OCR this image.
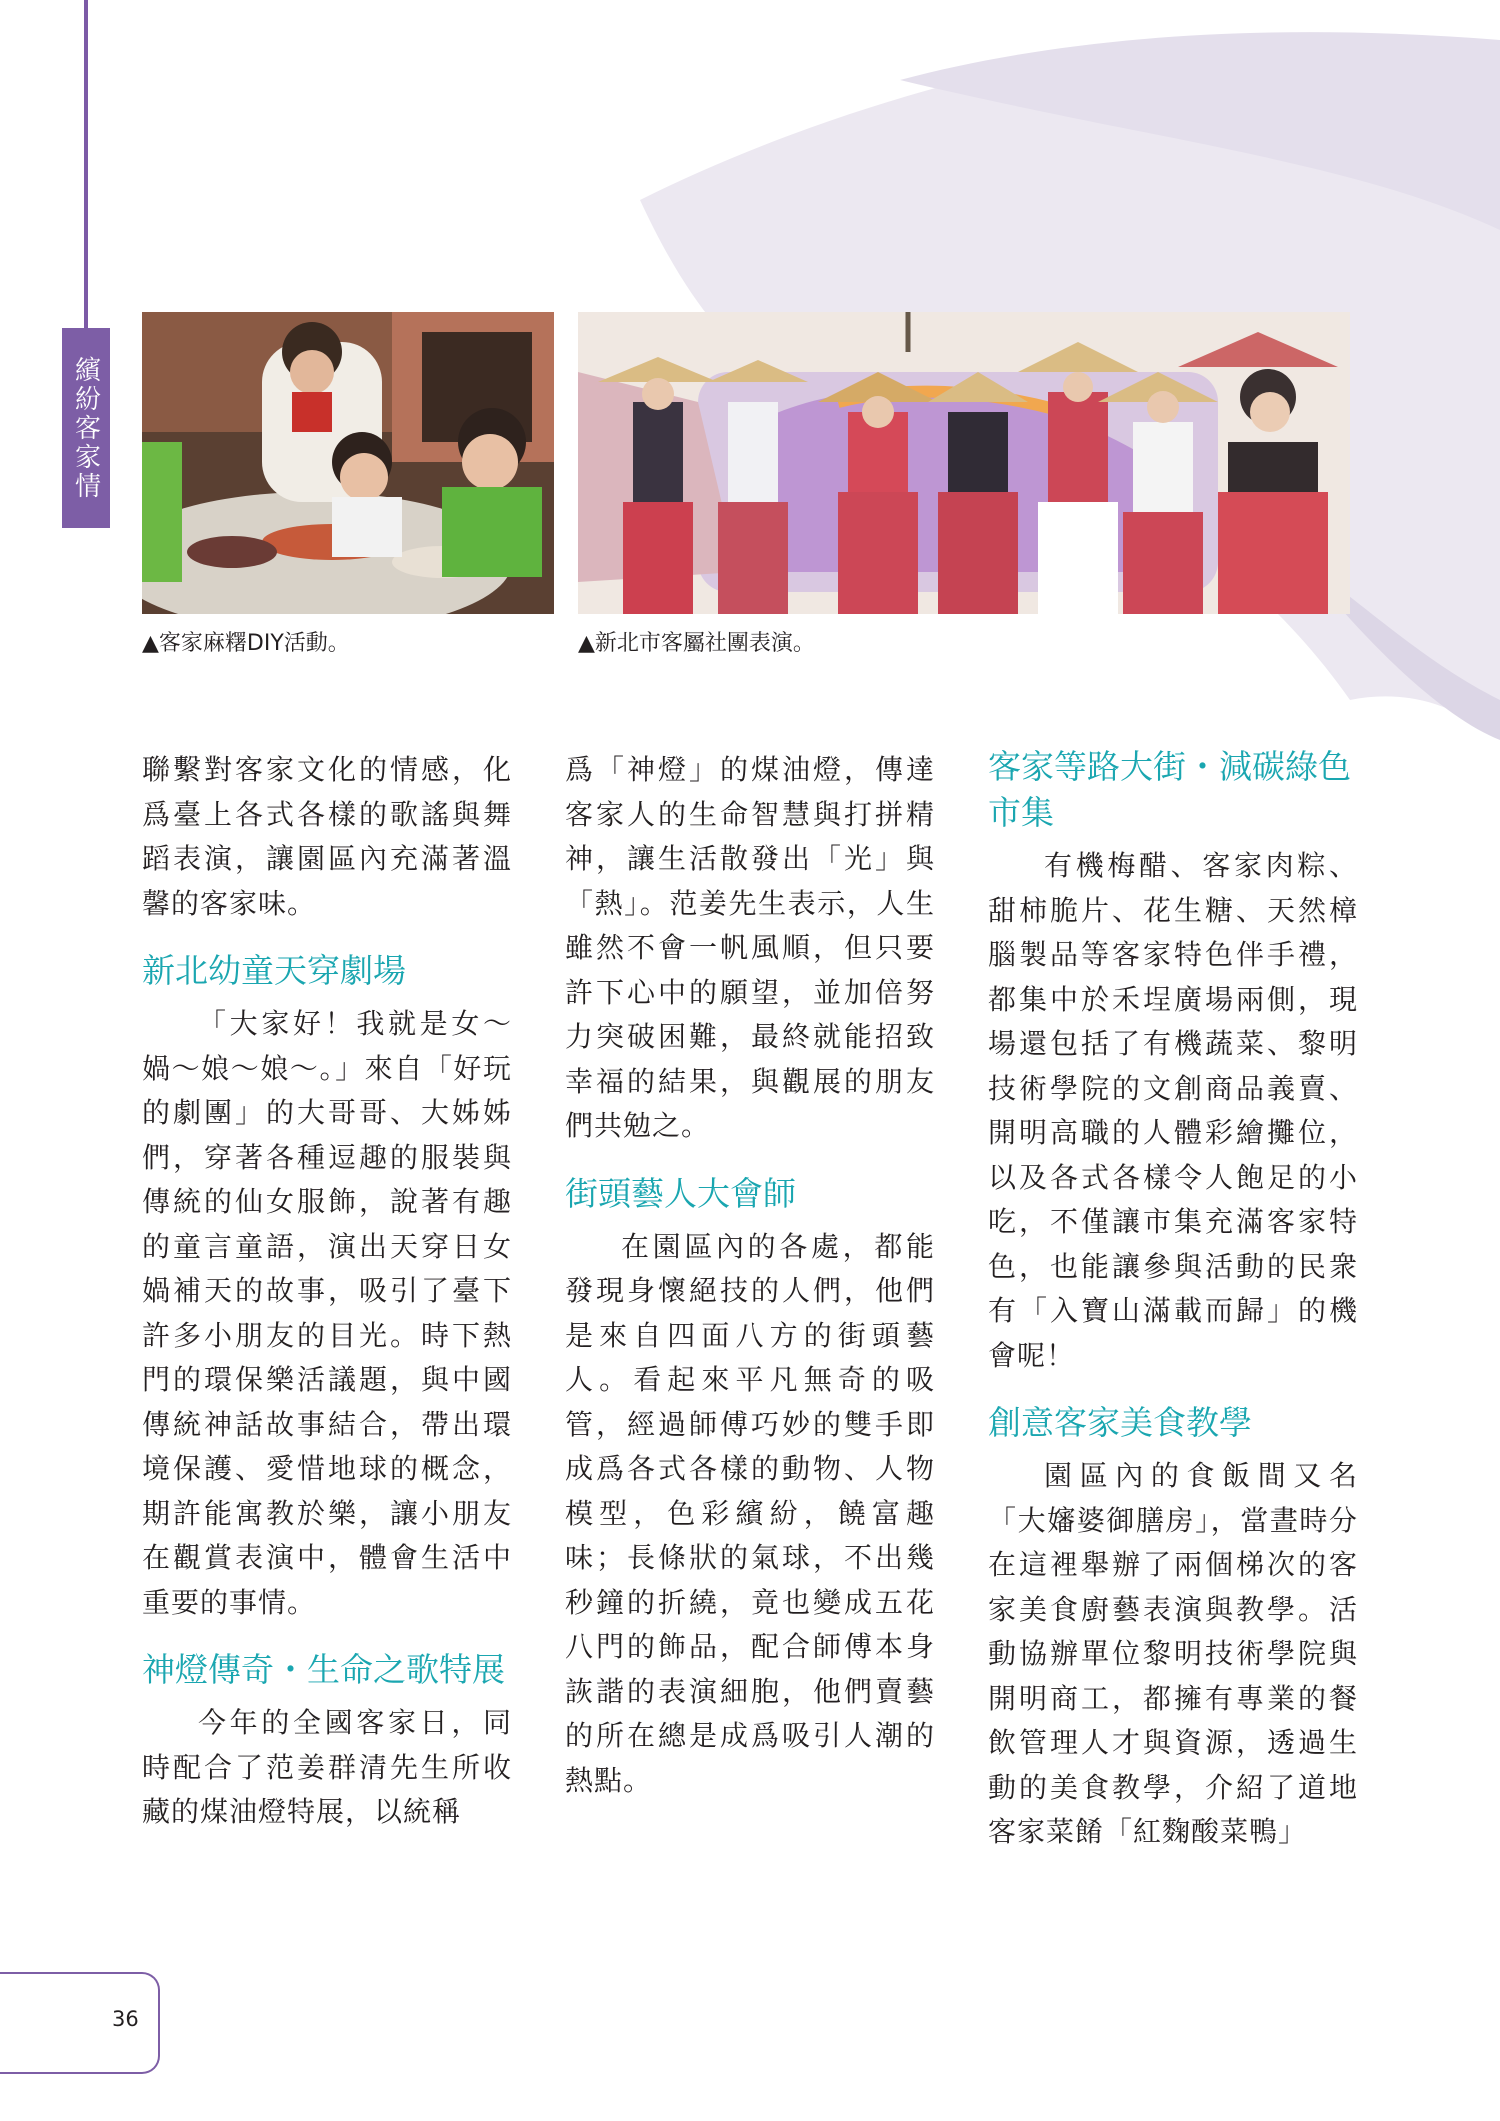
繽紛客家情
▲客家麻糬DIY活動。	▲新北市客屬社團表演。

聯繫對客家文化的情感，化爲臺上各式各樣的歌謠與舞蹈表演，讓園區內充滿著溫馨的客家味。

新北幼童天穿劇場

「大家好！我就是女～媧～娘～娘～。」來自「好玩的劇團」的大哥哥、大姊姊們，穿著各種逗趣的服裝與傳統的仙女服飾，說著有趣的童言童語，演出天穿日女媧補天的故事，吸引了臺下許多小朋友的目光。時下熱門的環保樂活議題，與中國傳統神話故事結合，帶出環境保護、愛惜地球的概念，期許能寓教於樂，讓小朋友在觀賞表演中，體會生活中重要的事情。

神燈傳奇・生命之歌特展

今年的全國客家日，同時配合了范姜群清先生所收藏的煤油燈特展，以統稱

爲「神燈」的煤油燈，傳達客家人的生命智慧與打拼精神，讓生活散發出「光」與「熱」。范姜先生表示，人生雖然不會一帆風順，但只要許下心中的願望，並加倍努力突破困難，最終就能招致幸福的結果，與觀展的朋友們共勉之。

街頭藝人大會師

在園區內的各處，都能發現身懷絕技的人們，他們是來自四面八方的街頭藝人。看起來平凡無奇的吸管，經過師傅巧妙的雙手即成爲各式各樣的動物、人物模型，色彩繽紛，饒富趣味；長條狀的氣球，不出幾秒鐘的折繞，竟也變成五花八門的飾品，配合師傅本身詼諧的表演細胞，他們賣藝的所在總是成爲吸引人潮的熱點。

客家等路大街・減碳綠色市集

有機梅醋、客家肉粽、甜柿脆片、花生糖、天然樟腦製品等客家特色伴手禮，都集中於禾埕廣場兩側，現場還包括了有機蔬菜、黎明技術學院的文創商品義賣、開明高職的人體彩繪攤位，以及各式各樣令人飽足的小吃，不僅讓市集充滿客家特色，也能讓參與活動的民衆有「入寶山滿載而歸」的機會呢！

創意客家美食教學

園區內的食飯間又名「大嬸婆御膳房」，當晝時分在這裡舉辦了兩個梯次的客家美食廚藝表演與教學。活動協辦單位黎明技術學院與開明商工，都擁有專業的餐飲管理人才與資源，透過生動的美食教學，介紹了道地客家菜餚「紅麴酸菜鴨」

36
